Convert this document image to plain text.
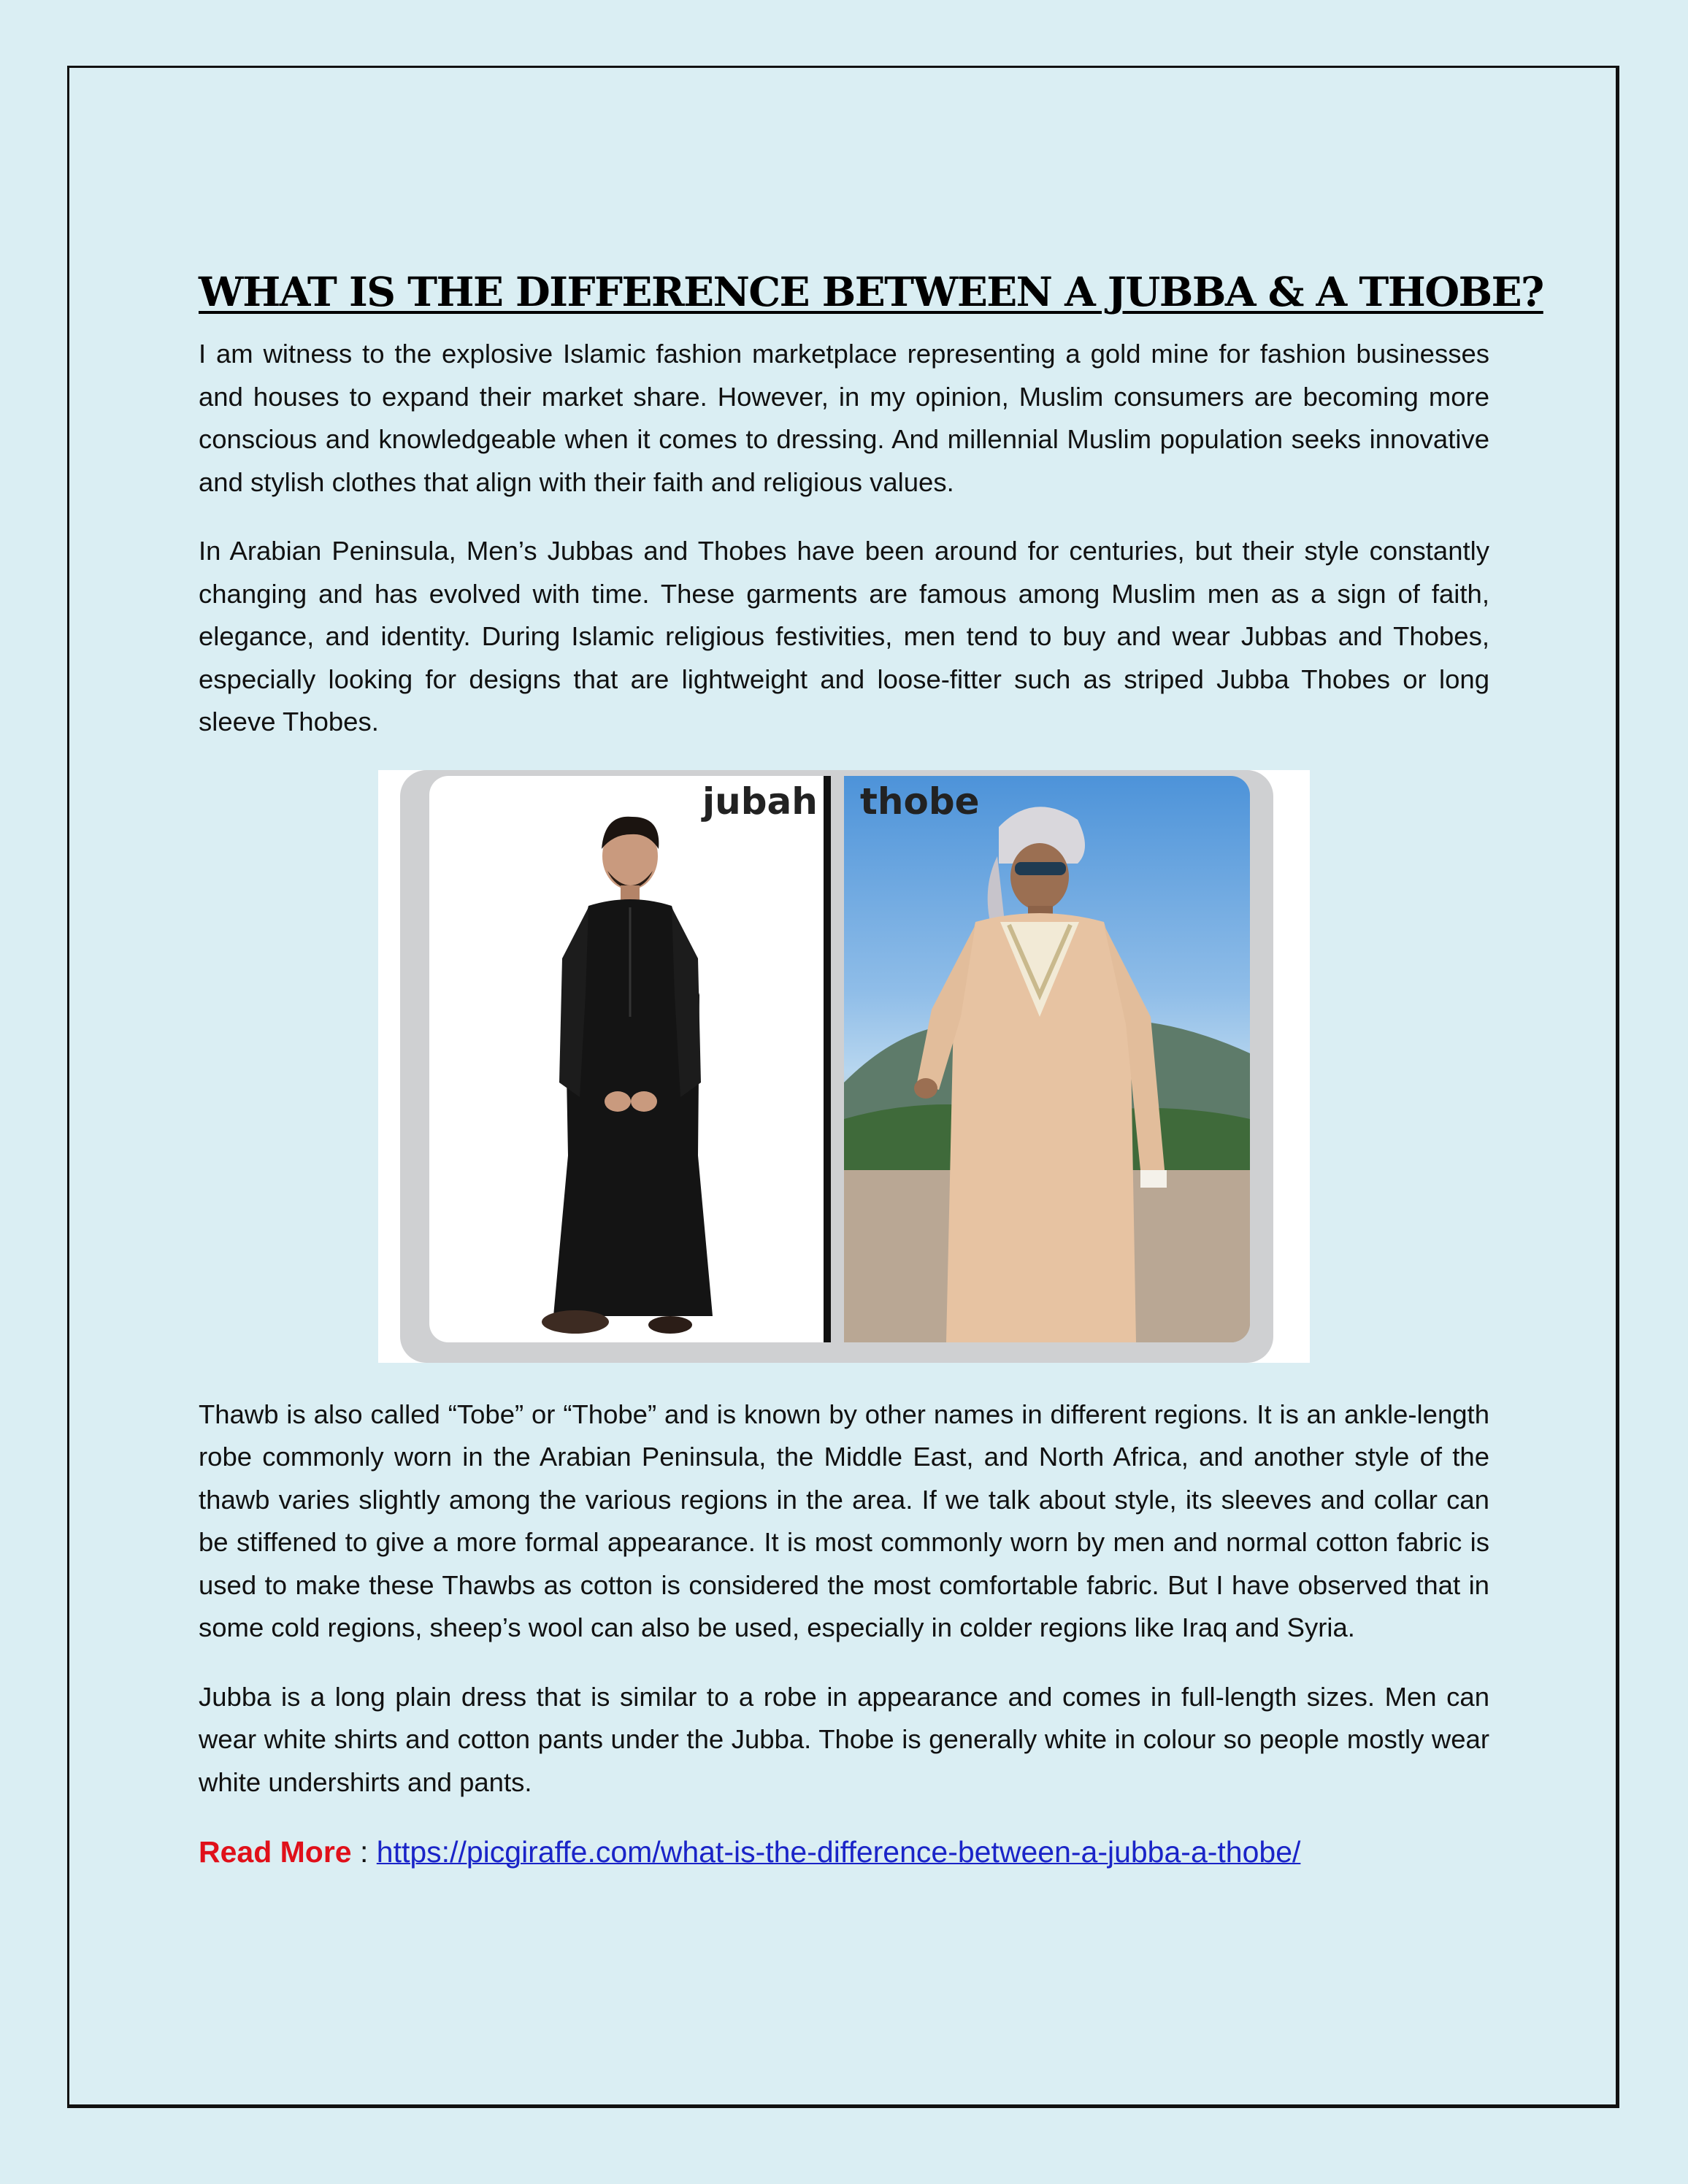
WHAT IS THE DIFFERENCE BETWEEN A JUBBA & A THOBE?

I am witness to the explosive Islamic fashion marketplace representing a gold mine for fashion businesses and houses to expand their market share. However, in my opinion, Muslim consumers are becoming more conscious and knowledgeable when it comes to dressing. And millennial Muslim population seeks innovative and stylish clothes that align with their faith and religious values.

In Arabian Peninsula, Men’s Jubbas and Thobes have been around for centuries, but their style constantly changing and has evolved with time. These garments are famous among Muslim men as a sign of faith, elegance, and identity. During Islamic religious festivities, men tend to buy and wear Jubbas and Thobes, especially looking for designs that are lightweight and loose-fitter such as striped Jubba Thobes or long sleeve Thobes.

jubah thobe

Thawb is also called “Tobe” or “Thobe” and is known by other names in different regions. It is an ankle-length robe commonly worn in the Arabian Peninsula, the Middle East, and North Africa, and another style of the thawb varies slightly among the various regions in the area. If we talk about style, its sleeves and collar can be stiffened to give a more formal appearance. It is most commonly worn by men and normal cotton fabric is used to make these Thawbs as cotton is considered the most comfortable fabric. But I have observed that in some cold regions, sheep’s wool can also be used, especially in colder regions like Iraq and Syria.

Jubba is a long plain dress that is similar to a robe in appearance and comes in full-length sizes. Men can wear white shirts and cotton pants under the Jubba. Thobe is generally white in colour so people mostly wear white undershirts and pants.

Read More : https://picgiraffe.com/what-is-the-difference-between-a-jubba-a-thobe/
